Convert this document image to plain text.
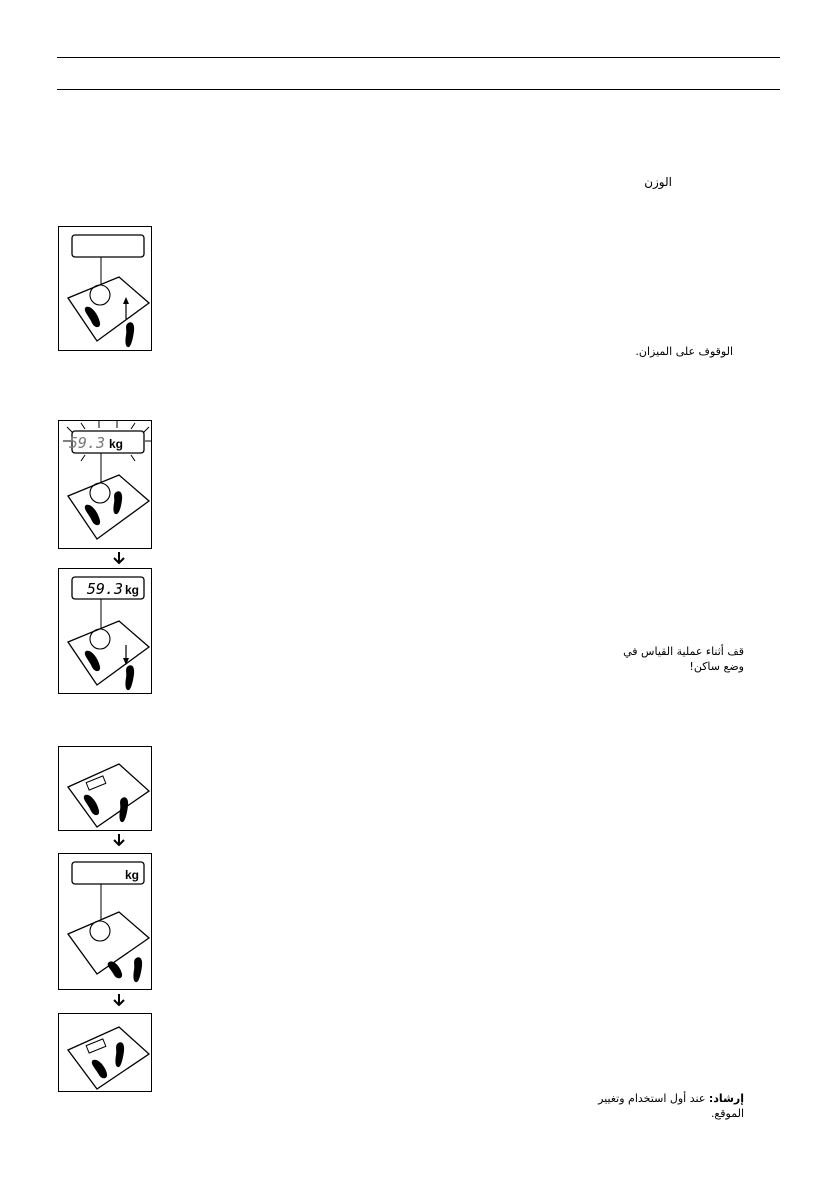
الوزن
الوقوف على الميزان.
59.3 kg
59.3 kg
قف أثناء عملية القياس في
وضع ساكن!
kg
إرشاد: عند أول استخدام وتغيير
الموقع.
